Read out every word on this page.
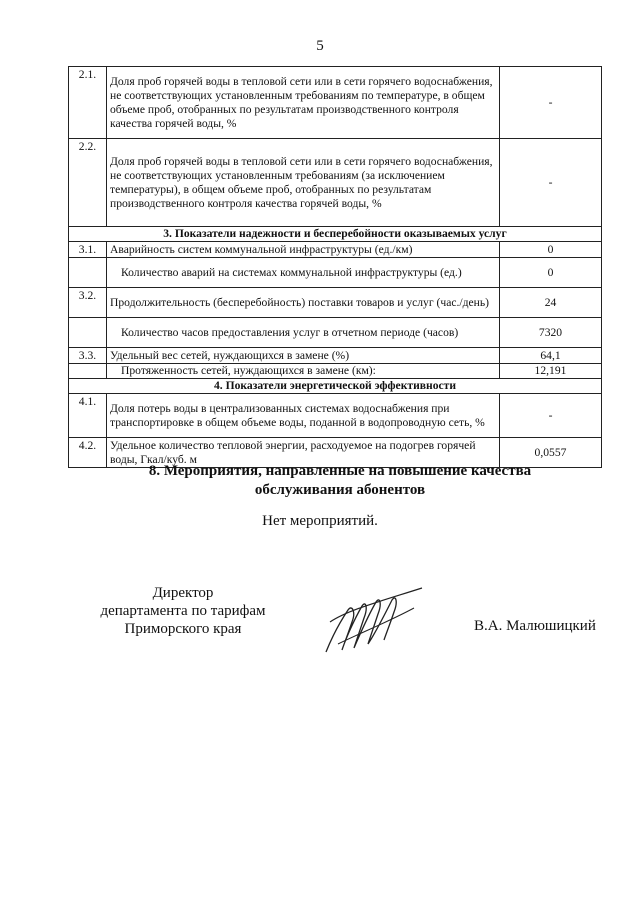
5
2.1.	Доля проб горячей воды в тепловой сети или в сети горячего водоснабжения, не соответствующих установленным требованиям по температуре, в общем объеме проб, отобранных по результатам производственного контроля качества горячей воды, %	-
2.2.	Доля проб горячей воды в тепловой сети или в сети горячего водоснабжения, не соответствующих установленным требованиям (за исключением температуры), в общем объеме проб, отобранных по результатам производственного контроля качества горячей воды, %	-
3. Показатели надежности и бесперебойности оказываемых услуг		
3.1.	Аварийность систем коммунальной инфраструктуры (ед./км)	0
	Количество аварий на системах коммунальной инфраструктуры (ед.)	0
3.2.	Продолжительность (бесперебойность) поставки товаров и услуг (час./день)	24
	Количество часов предоставления услуг в отчетном периоде (часов)	7320
3.3.	Удельный вес сетей, нуждающихся в замене (%)	64,1
	Протяженность сетей, нуждающихся в замене (км):	12,191
4. Показатели энергетической эффективности		
4.1.	Доля потерь воды в централизованных системах водоснабжения при транспортировке в общем объеме воды, поданной в водопроводную сеть, %	-
4.2.	Удельное количество тепловой энергии, расходуемое на подогрев горячей воды, Гкал/куб. м	0,0557
8. Мероприятия, направленные на повышение качества
обслуживания абонентов
Нет мероприятий.
Директор
департамента по тарифам
Приморского края	В.А. Малюшицкий
